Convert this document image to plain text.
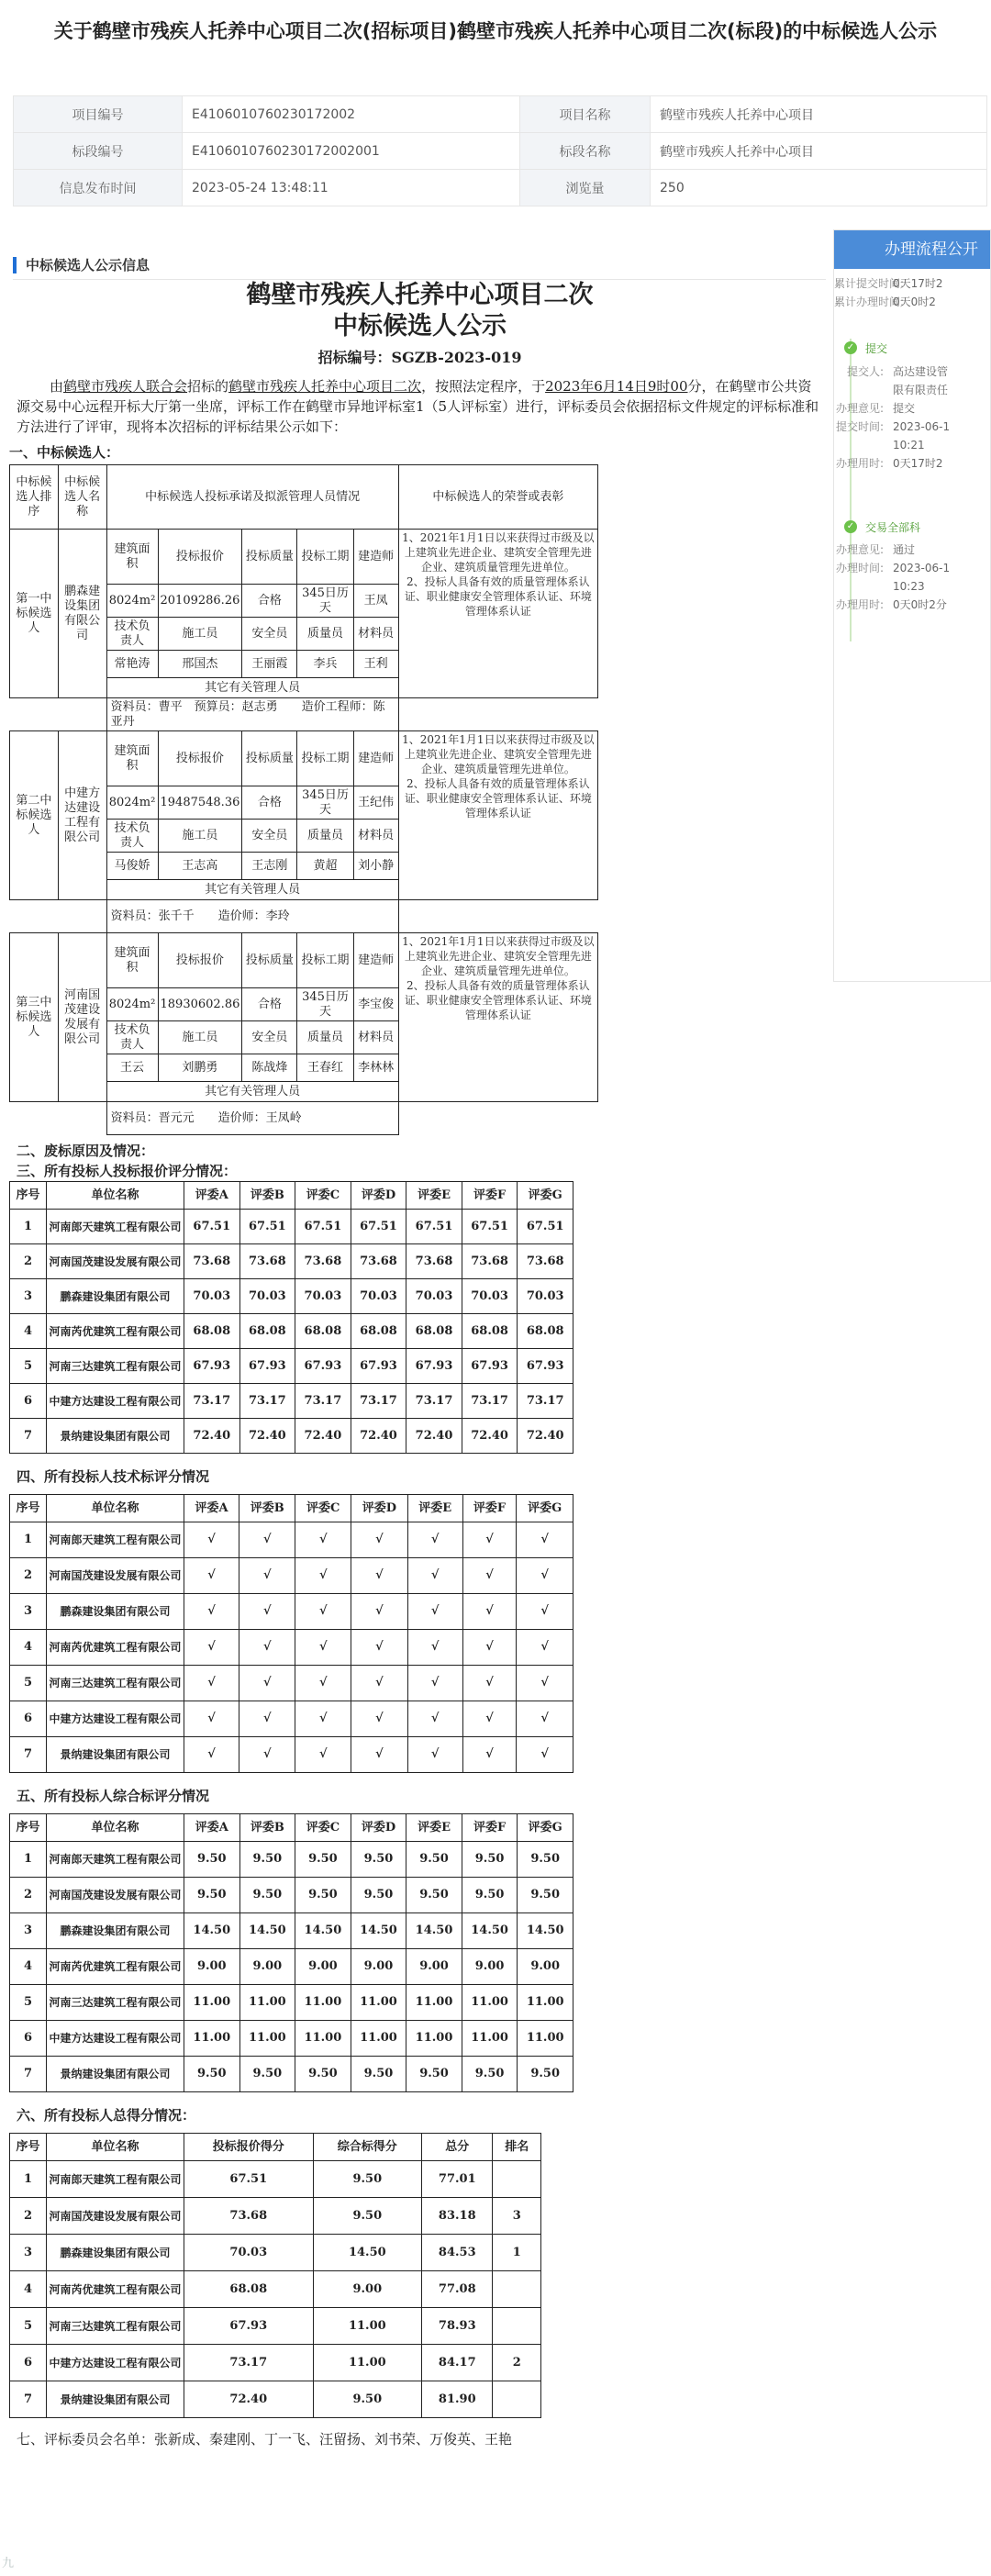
关于鹤壁市残疾人托养中心项目二次(招标项目)鹤壁市残疾人托养中心项目二次(标段)的中标候选人公示
项目编号	E4106010760230172002	项目名称	鹤壁市残疾人托养中心项目
标段编号	E4106010760230172002001	标段名称	鹤壁市残疾人托养中心项目
信息发布时间	2023-05-24 13:48:11	浏览量	250
中标候选人公示信息
办理流程公开
累计提交时间:0天17时2
累计办理时间:0天0时2
✓ 提交
提交人: 高达建设管
限有限责任
办理意见: 提交
提交时间: 2023-06-1
10:21
办理用时: 0天17时2
✓ 交易全部科
办理意见: 通过
办理时间: 2023-06-1
10:23
办理用时: 0天0时2分
鹤壁市残疾人托养中心项目二次
中标候选人公示
招标编号：SGZB-2023-019

由鹤壁市残疾人联合会招标的鹤壁市残疾人托养中心项目二次，按照法定程序，于2023年6月14日9时00分，在鹤壁市公共资源交易中心远程开标大厅第一坐席，评标工作在鹤壁市异地评标室1（5人评标室）进行，评标委员会依据招标文件规定的评标标准和方法进行了评审，现将本次招标的评标结果公示如下：

一、中标候选人：
中标候选人排序	中标候选人名称	中标候选人投标承诺及拟派管理人员情况					中标候选人的荣誉或表彰
第一中标候选人	鹏森建设集团有限公司	建筑面积	投标报价	投标质量	投标工期	建造师	1、2021年1月1日以来获得过市级及以上建筑业先进企业、建筑安全管理先进企业、建筑质量管理先进单位。
2、投标人具备有效的质量管理体系认证、职业健康安全管理体系认证、环境管理体系认证
		8024m²	20109286.26	合格	345日历天	王凤	
		技术负责人	施工员	安全员	质量员	材料员	
		常艳涛	邢国杰	王丽霞	李兵	王利	
		其它有关管理人员					
		资料员：曹平　预算员：赵志勇　　造价工程师：陈亚丹					
第二中标候选人	中建方达建设工程有限公司	建筑面积	投标报价	投标质量	投标工期	建造师	1、2021年1月1日以来获得过市级及以上建筑业先进企业、建筑安全管理先进企业、建筑质量管理先进单位。
2、投标人具备有效的质量管理体系认证、职业健康安全管理体系认证、环境管理体系认证
		8024m²	19487548.36	合格	345日历天	王纪伟	
		技术负责人	施工员	安全员	质量员	材料员	
		马俊娇	王志高	王志刚	黄超	刘小静	
		其它有关管理人员					
		资料员：张千千　　造价师：李玲					
第三中标候选人	河南国茂建设发展有限公司	建筑面积	投标报价	投标质量	投标工期	建造师	1、2021年1月1日以来获得过市级及以上建筑业先进企业、建筑安全管理先进企业、建筑质量管理先进单位。
2、投标人具备有效的质量管理体系认证、职业健康安全管理体系认证、环境管理体系认证
		8024m²	18930602.86	合格	345日历天	李宝俊	
		技术负责人	施工员	安全员	质量员	材料员	
		王云	刘鹏勇	陈战烽	王春红	李林林	
		其它有关管理人员					
		资料员：晋元元　　造价师：王凤岭					
二、废标原因及情况：
三、所有投标人投标报价评分情况：
序号	单位名称	评委A	评委B	评委C	评委D	评委E	评委F	评委G
1	河南郎天建筑工程有限公司	67.51	67.51	67.51	67.51	67.51	67.51	67.51
2	河南国茂建设发展有限公司	73.68	73.68	73.68	73.68	73.68	73.68	73.68
3	鹏森建设集团有限公司	70.03	70.03	70.03	70.03	70.03	70.03	70.03
4	河南芮优建筑工程有限公司	68.08	68.08	68.08	68.08	68.08	68.08	68.08
5	河南三达建筑工程有限公司	67.93	67.93	67.93	67.93	67.93	67.93	67.93
6	中建方达建设工程有限公司	73.17	73.17	73.17	73.17	73.17	73.17	73.17
7	景纳建设集团有限公司	72.40	72.40	72.40	72.40	72.40	72.40	72.40
四、所有投标人技术标评分情况
序号	单位名称	评委A	评委B	评委C	评委D	评委E	评委F	评委G
1	河南郎天建筑工程有限公司	√	√	√	√	√	√	√
2	河南国茂建设发展有限公司	√	√	√	√	√	√	√
3	鹏森建设集团有限公司	√	√	√	√	√	√	√
4	河南芮优建筑工程有限公司	√	√	√	√	√	√	√
5	河南三达建筑工程有限公司	√	√	√	√	√	√	√
6	中建方达建设工程有限公司	√	√	√	√	√	√	√
7	景纳建设集团有限公司	√	√	√	√	√	√	√
五、所有投标人综合标评分情况
序号	单位名称	评委A	评委B	评委C	评委D	评委E	评委F	评委G
1	河南郎天建筑工程有限公司	9.50	9.50	9.50	9.50	9.50	9.50	9.50
2	河南国茂建设发展有限公司	9.50	9.50	9.50	9.50	9.50	9.50	9.50
3	鹏森建设集团有限公司	14.50	14.50	14.50	14.50	14.50	14.50	14.50
4	河南芮优建筑工程有限公司	9.00	9.00	9.00	9.00	9.00	9.00	9.00
5	河南三达建筑工程有限公司	11.00	11.00	11.00	11.00	11.00	11.00	11.00
6	中建方达建设工程有限公司	11.00	11.00	11.00	11.00	11.00	11.00	11.00
7	景纳建设集团有限公司	9.50	9.50	9.50	9.50	9.50	9.50	9.50
六、所有投标人总得分情况：
序号	单位名称	投标报价得分	综合标得分	总分	排名
1	河南郎天建筑工程有限公司	67.51	9.50	77.01	
2	河南国茂建设发展有限公司	73.68	9.50	83.18	3
3	鹏森建设集团有限公司	70.03	14.50	84.53	1
4	河南芮优建筑工程有限公司	68.08	9.00	77.08	
5	河南三达建筑工程有限公司	67.93	11.00	78.93	
6	中建方达建设工程有限公司	73.17	11.00	84.17	2
7	景纳建设集团有限公司	72.40	9.50	81.90	
七、评标委员会名单：张新成、秦建刚、丁一飞、汪留扬、刘书荣、万俊英、王艳
九
